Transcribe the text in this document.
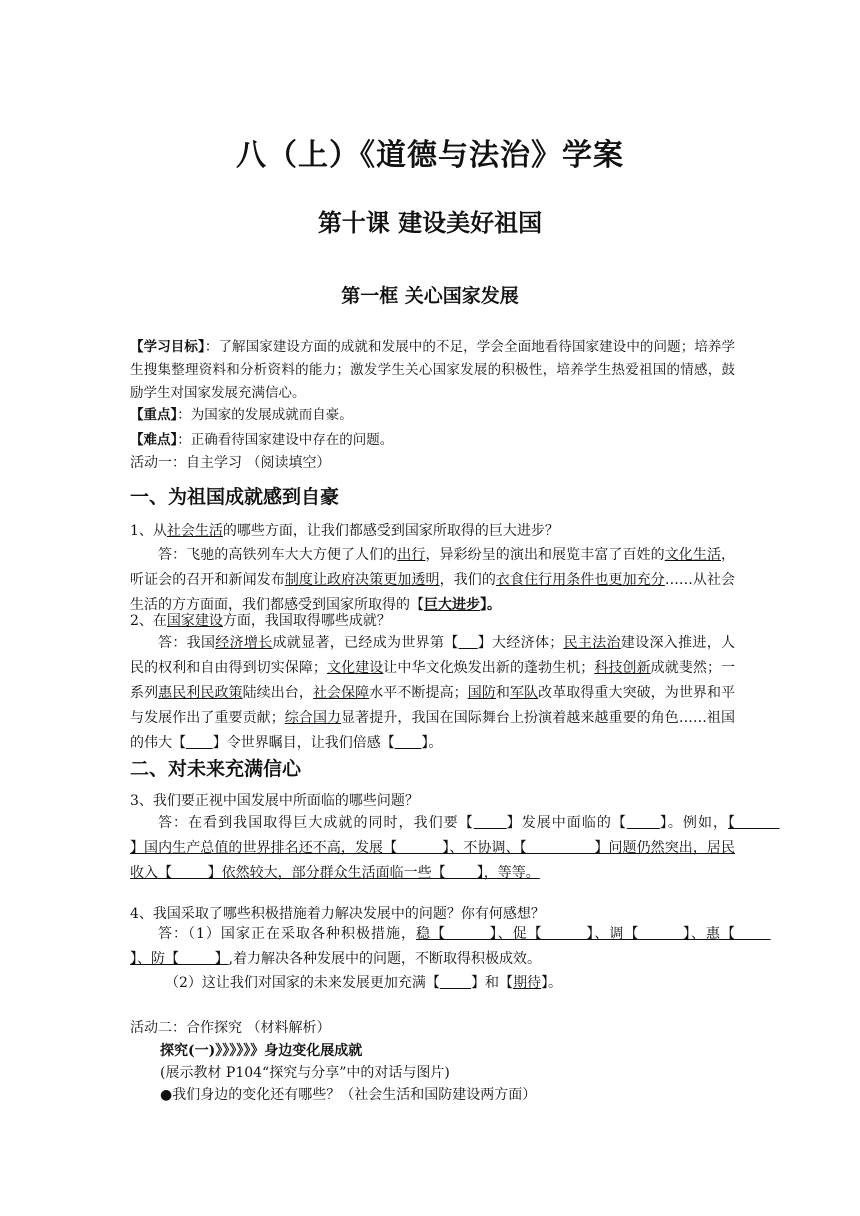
八（上）《道德与法治》学案
第十课 建设美好祖国
第一框 关心国家发展
【学习目标】：了解国家建设方面的成就和发展中的不足，学会全面地看待国家建设中的问题；培养学生搜集整理资料和分析资料的能力；激发学生关心国家发展的积极性，培养学生热爱祖国的情感，鼓励学生对国家发展充满信心。
【重点】：为国家的发展成就而自豪。
【难点】：正确看待国家建设中存在的问题。
活动一：自主学习 （阅读填空）
一、为祖国成就感到自豪
1、从社会生活的哪些方面，让我们都感受到国家所取得的巨大进步？

答：飞驰的高铁列车大大方便了人们的出行，异彩纷呈的演出和展览丰富了百姓的文化生活，听证会的召开和新闻发布制度让政府决策更加透明，我们的衣食住行用条件也更加充分……从社会生活的方方面面，我们都感受到国家所取得的【巨大进步】。

2、在国家建设方面，我国取得哪些成就？

答：我国经济增长成就显著，已经成为世界第【 】大经济体；民主法治建设深入推进，人民的权利和自由得到切实保障；文化建设让中华文化焕发出新的蓬勃生机；科技创新成就斐然；一系列惠民利民政策陆续出台，社会保障水平不断提高；国防和军队改革取得重大突破，为世界和平与发展作出了重要贡献；综合国力显著提升，我国在国际舞台上扮演着越来越重要的角色……祖国的伟大【 】令世界瞩目，让我们倍感【 】。

二、对未来充满信心
3、我们要正视中国发展中所面临的哪些问题？

答：在看到我国取得巨大成就的同时，我们要【 】发展中面临的【 】。例如，【          】国内生产总值的世界排名还不高，发展【          】、不协调、【               】问题仍然突出，居民收入【        】依然较大，部分群众生活面临一些【       】，等等。

4、我国采取了哪些积极措施着力解决发展中的问题？你有何感想？

答：（1）国家正在采取各种积极措施，稳【        】、促【        】、调【        】、惠【        】、防【        】,着力解决各种发展中的问题，不断取得积极成效。

（2）这让我们对国家的未来发展更加充满【 】和【期待】。
活动二：合作探究 （材料解析）
探究(一)》》》》》》身边变化展成就
(展示教材 P104“探究与分享”中的对话与图片)
●我们身边的变化还有哪些？（社会生活和国防建设两方面）
